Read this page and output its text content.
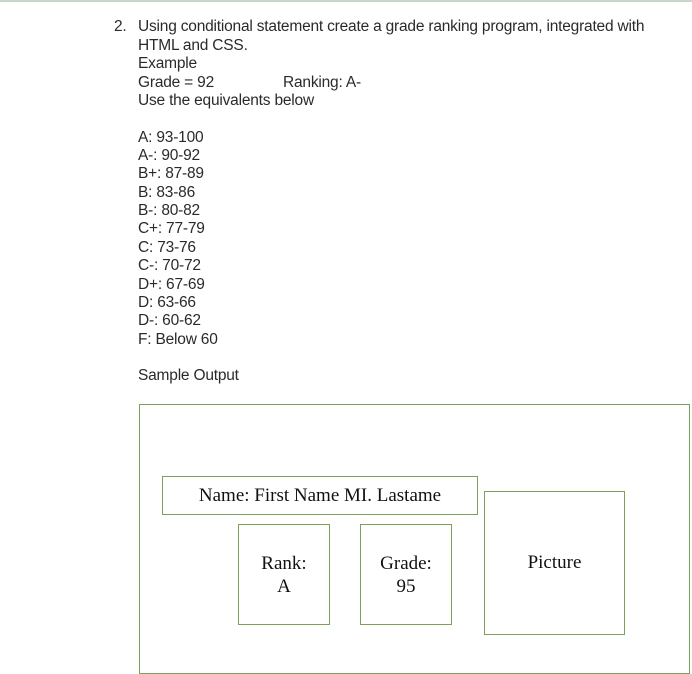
2. Using conditional statement create a grade ranking program, integrated with
HTML and CSS.
Example
Grade = 92	Ranking: A-
Use the equivalents below
A: 93-100
A-: 90-92
B+: 87-89
B: 83-86
B-: 80-82
C+: 77-79
C: 73-76
C-: 70-72
D+: 67-69
D: 63-66
D-: 60-62
F: Below 60
Sample Output
Name: First Name MI. Lastame
Rank:
A
Grade:
95
Picture
